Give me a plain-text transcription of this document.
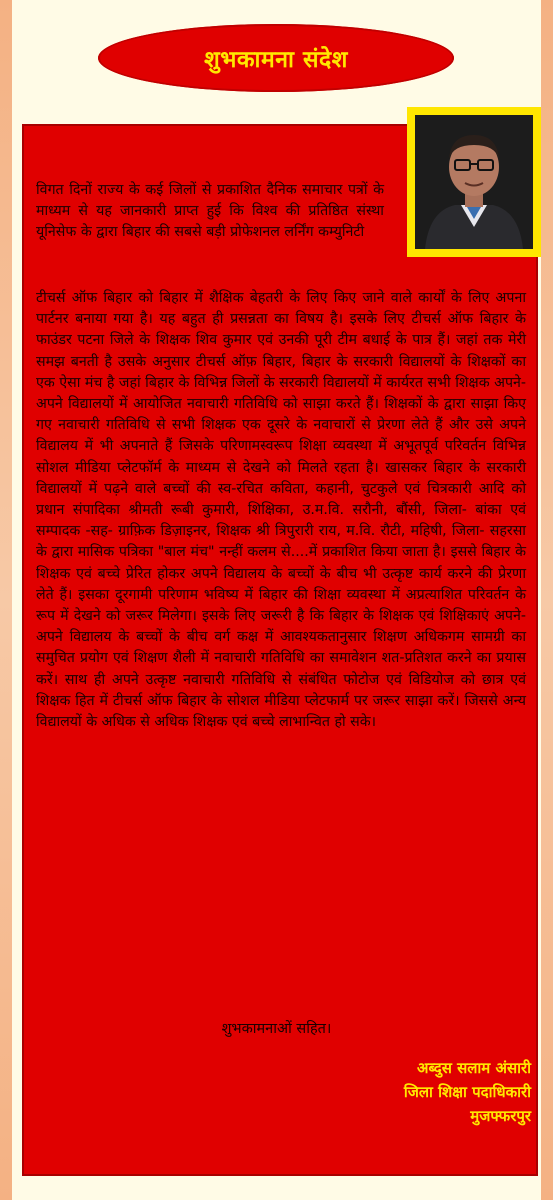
शुभकामना संदेश
विगत दिनों राज्य के कई जिलों से प्रकाशित दैनिक समाचार पत्रों के माध्यम से यह जानकारी प्राप्त हुई कि विश्व की प्रतिष्ठित संस्था यूनिसेफ के द्वारा बिहार की सबसे बड़ी प्रोफेशनल लर्निंग कम्युनिटी
टीचर्स ऑफ बिहार को बिहार में शैक्षिक बेहतरी के लिए किए जाने वाले कार्यों के लिए अपना पार्टनर बनाया गया है। यह बहुत ही प्रसन्नता का विषय है। इसके लिए टीचर्स ऑफ बिहार के फाउंडर पटना जिले के शिक्षक शिव कुमार एवं उनकी पूरी टीम बधाई के पात्र हैं। जहां तक मेरी समझ बनती है उसके अनुसार टीचर्स ऑफ़ बिहार, बिहार के सरकारी विद्यालयों के शिक्षकों का एक ऐसा मंच है जहां बिहार के विभिन्न जिलों के सरकारी विद्यालयों में कार्यरत सभी शिक्षक अपने-अपने विद्यालयों में आयोजित नवाचारी गतिविधि को साझा करते हैं। शिक्षकों के द्वारा साझा किए गए नवाचारी गतिविधि से सभी शिक्षक एक दूसरे के नवाचारों से प्रेरणा लेते हैं और उसे अपने विद्यालय में भी अपनाते हैं जिसके परिणामस्वरूप शिक्षा व्यवस्था में अभूतपूर्व परिवर्तन विभिन्न सोशल मीडिया प्लेटफॉर्म के माध्यम से देखने को मिलते रहता है। खासकर बिहार के सरकारी विद्यालयों में पढ़ने वाले बच्चों की स्व-रचित कविता, कहानी, चुटकुले एवं चित्रकारी आदि को प्रधान संपादिका श्रीमती रूबी कुमारी, शिक्षिका, उ.म.वि. सरौनी, बौंसी, जिला- बांका एवं सम्पादक -सह- ग्राफ़िक डिज़ाइनर, शिक्षक श्री त्रिपुरारी राय, म.वि. रौटी, महिषी, जिला- सहरसा के द्वारा मासिक पत्रिका "बाल मंच" नन्हीं कलम से....में प्रकाशित किया जाता है। इससे बिहार के शिक्षक एवं बच्चे प्रेरित होकर अपने विद्यालय के बच्चों के बीच भी उत्कृष्ट कार्य करने की प्रेरणा लेते हैं। इसका दूरगामी परिणाम भविष्य में बिहार की शिक्षा व्यवस्था में अप्रत्याशित परिवर्तन के रूप में देखने को जरूर मिलेगा। इसके लिए जरूरी है कि बिहार के शिक्षक एवं शिक्षिकाएं अपने-अपने विद्यालय के बच्चों के बीच वर्ग कक्ष में आवश्यकतानुसार शिक्षण अधिकगम सामग्री का समुचित प्रयोग एवं शिक्षण शैली में नवाचारी गतिविधि का समावेशन शत-प्रतिशत करने का प्रयास करें। साथ ही अपने उत्कृष्ट नवाचारी गतिविधि से संबंधित फोटोज एवं विडियोज को छात्र एवं शिक्षक हित में टीचर्स ऑफ बिहार के सोशल मीडिया प्लेटफार्म पर जरूर साझा करें। जिससे अन्य विद्यालयों के अधिक से अधिक शिक्षक एवं बच्चे लाभान्वित हो सके।
शुभकामनाओं सहित।
अब्दुस सलाम अंसारी
जिला शिक्षा पदाधिकारी
मुजफ्फरपुर
